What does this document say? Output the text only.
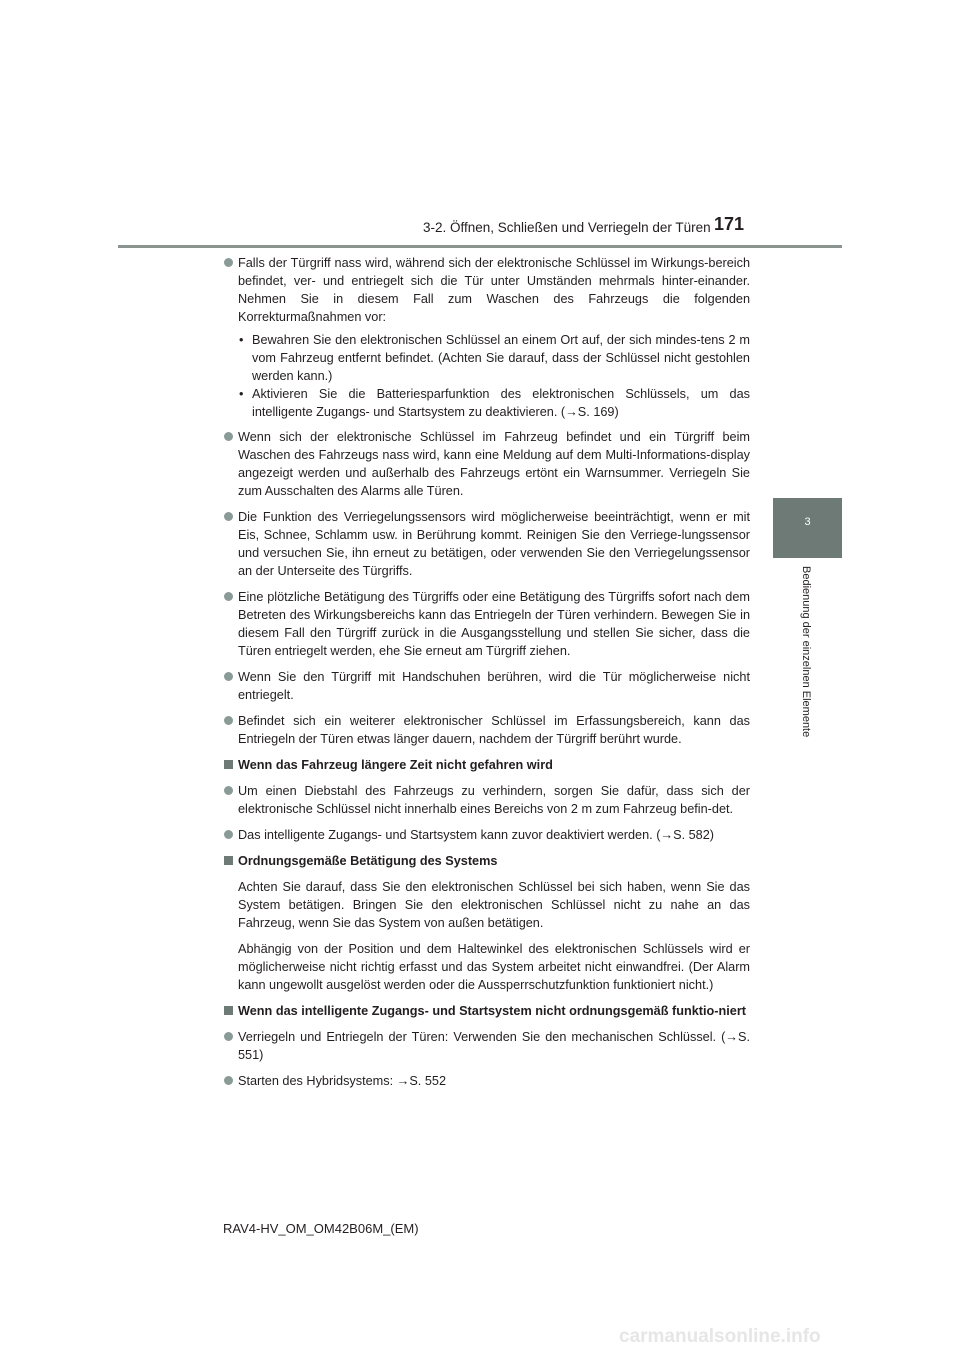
3-2. Öffnen, Schließen und Verriegeln der Türen 171
3
Bedienung der einzelnen Elemente
Falls der Türgriff nass wird, während sich der elektronische Schlüssel im Wirkungs-bereich befindet, ver- und entriegelt sich die Tür unter Umständen mehrmals hinter-einander. Nehmen Sie in diesem Fall zum Waschen des Fahrzeugs die folgenden Korrekturmaßnahmen vor:
• Bewahren Sie den elektronischen Schlüssel an einem Ort auf, der sich mindes-tens 2 m vom Fahrzeug entfernt befindet. (Achten Sie darauf, dass der Schlüssel nicht gestohlen werden kann.)
• Aktivieren Sie die Batteriesparfunktion des elektronischen Schlüssels, um das intelligente Zugangs- und Startsystem zu deaktivieren. (→S. 169)
Wenn sich der elektronische Schlüssel im Fahrzeug befindet und ein Türgriff beim Waschen des Fahrzeugs nass wird, kann eine Meldung auf dem Multi-Informations-display angezeigt werden und außerhalb des Fahrzeugs ertönt ein Warnsummer. Verriegeln Sie zum Ausschalten des Alarms alle Türen.
Die Funktion des Verriegelungssensors wird möglicherweise beeinträchtigt, wenn er mit Eis, Schnee, Schlamm usw. in Berührung kommt. Reinigen Sie den Verriege-lungssensor und versuchen Sie, ihn erneut zu betätigen, oder verwenden Sie den Verriegelungssensor an der Unterseite des Türgriffs.
Eine plötzliche Betätigung des Türgriffs oder eine Betätigung des Türgriffs sofort nach dem Betreten des Wirkungsbereichs kann das Entriegeln der Türen verhindern. Bewegen Sie in diesem Fall den Türgriff zurück in die Ausgangsstellung und stellen Sie sicher, dass die Türen entriegelt werden, ehe Sie erneut am Türgriff ziehen.
Wenn Sie den Türgriff mit Handschuhen berühren, wird die Tür möglicherweise nicht entriegelt.
Befindet sich ein weiterer elektronischer Schlüssel im Erfassungsbereich, kann das Entriegeln der Türen etwas länger dauern, nachdem der Türgriff berührt wurde.
Wenn das Fahrzeug längere Zeit nicht gefahren wird
Um einen Diebstahl des Fahrzeugs zu verhindern, sorgen Sie dafür, dass sich der elektronische Schlüssel nicht innerhalb eines Bereichs von 2 m zum Fahrzeug befin-det.
Das intelligente Zugangs- und Startsystem kann zuvor deaktiviert werden. (→S. 582)
Ordnungsgemäße Betätigung des Systems
Achten Sie darauf, dass Sie den elektronischen Schlüssel bei sich haben, wenn Sie das System betätigen. Bringen Sie den elektronischen Schlüssel nicht zu nahe an das Fahrzeug, wenn Sie das System von außen betätigen.
Abhängig von der Position und dem Haltewinkel des elektronischen Schlüssels wird er möglicherweise nicht richtig erfasst und das System arbeitet nicht einwandfrei. (Der Alarm kann ungewollt ausgelöst werden oder die Aussperrschutzfunktion funktioniert nicht.)
Wenn das intelligente Zugangs- und Startsystem nicht ordnungsgemäß funktio-niert
Verriegeln und Entriegeln der Türen: Verwenden Sie den mechanischen Schlüssel. (→S. 551)
Starten des Hybridsystems: →S. 552
RAV4-HV_OM_OM42B06M_(EM)
carmanualsonline.info
